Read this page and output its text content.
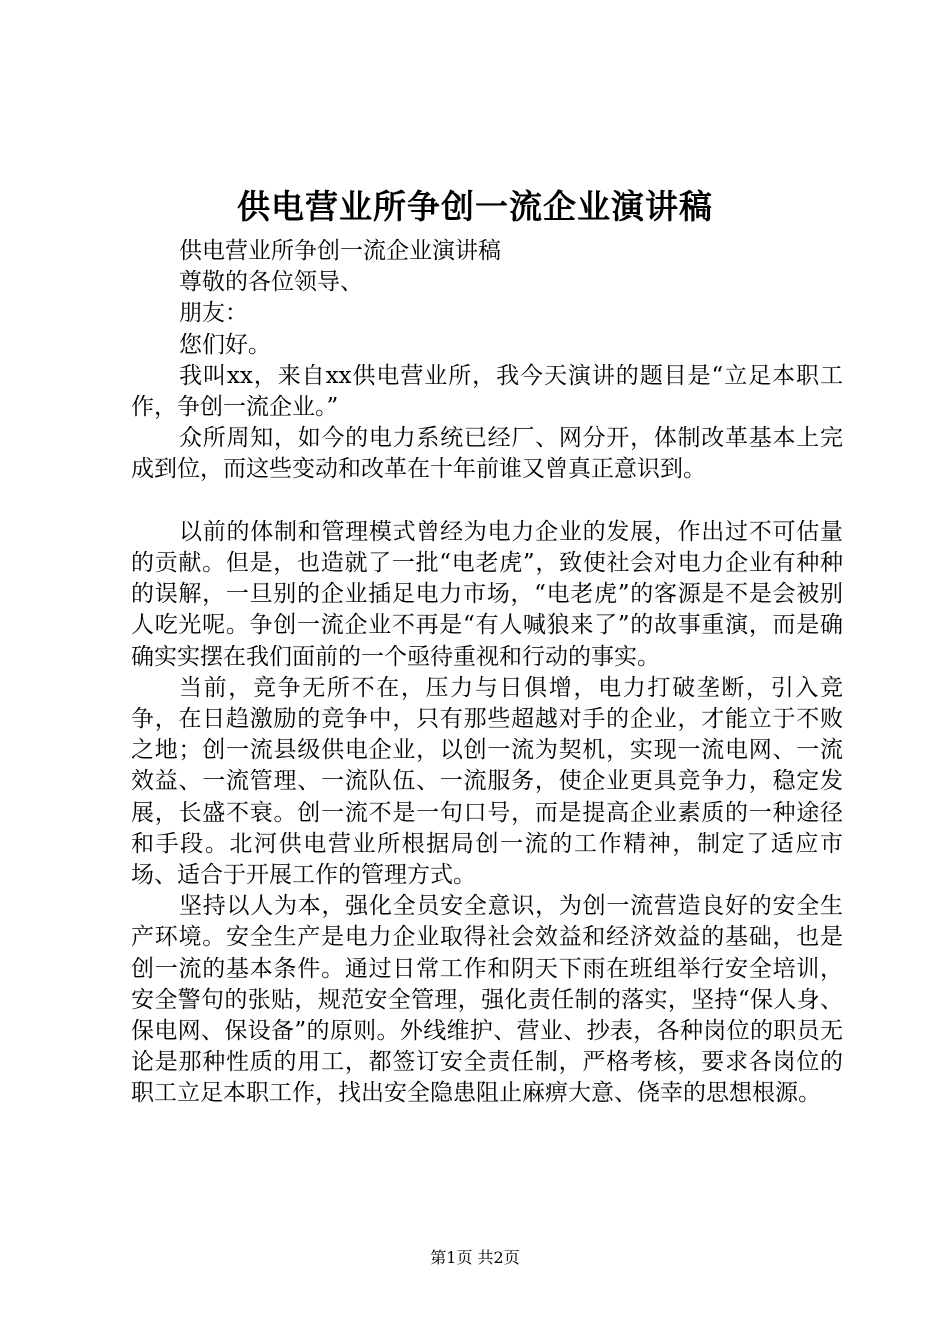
供电营业所争创一流企业演讲稿

供电营业所争创一流企业演讲稿

尊敬的各位领导、

朋友：

您们好。

我叫xx，来自xx供电营业所，我今天演讲的题目是“立足本职工作，争创一流企业。”

众所周知，如今的电力系统已经厂、网分开，体制改革基本上完成到位，而这些变动和改革在十年前谁又曾真正意识到。

以前的体制和管理模式曾经为电力企业的发展，作出过不可估量的贡献。但是，也造就了一批“电老虎”，致使社会对电力企业有种种的误解，一旦别的企业插足电力市场，“电老虎”的客源是不是会被别人吃光呢。争创一流企业不再是“有人喊狼来了”的故事重演，而是确确实实摆在我们面前的一个亟待重视和行动的事实。

当前，竞争无所不在，压力与日俱增，电力打破垄断，引入竞争，在日趋激励的竞争中，只有那些超越对手的企业，才能立于不败之地；创一流县级供电企业，以创一流为契机，实现一流电网、一流效益、一流管理、一流队伍、一流服务，使企业更具竞争力，稳定发展，长盛不衰。创一流不是一句口号，而是提高企业素质的一种途径和手段。北河供电营业所根据局创一流的工作精神，制定了适应市场、适合于开展工作的管理方式。

坚持以人为本，强化全员安全意识，为创一流营造良好的安全生产环境。安全生产是电力企业取得社会效益和经济效益的基础，也是创一流的基本条件。通过日常工作和阴天下雨在班组举行安全培训，安全警句的张贴，规范安全管理，强化责任制的落实，坚持“保人身、保电网、保设备”的原则。外线维护、营业、抄表，各种岗位的职员无论是那种性质的用工，都签订安全责任制，严格考核，要求各岗位的职工立足本职工作，找出安全隐患阻止麻痹大意、侥幸的思想根源。

第1页 共2页
